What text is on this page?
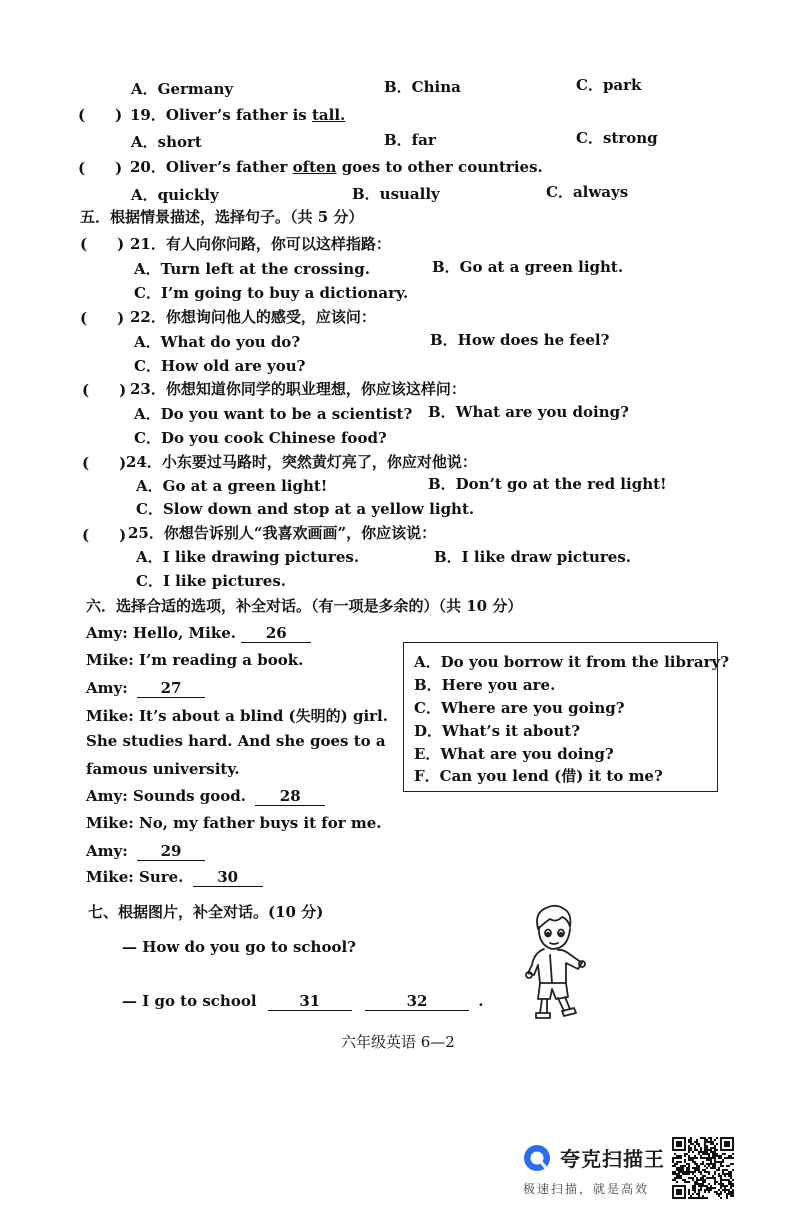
A．Germany	B．China	C．park
(　　) 19．Oliver’s father is tall.
A．short	B．far	C．strong
(　　) 20．Oliver’s father often goes to other countries.
A．quickly	B．usually	C．always
五．根据情景描述，选择句子。（共 5 分）
(　　) 21．有人向你问路，你可以这样指路：
A．Turn left at the crossing.	B．Go at a green light.
C．I’m going to buy a dictionary.
(　　) 22．你想询问他人的感受，应该问：
A．What do you do?	B．How does he feel?
C．How old are you?
(　　) 23．你想知道你同学的职业理想，你应该这样问：
A．Do you want to be a scientist? B．What are you doing?
C．Do you cook Chinese food?
(　　) 24．小东要过马路时，突然黄灯亮了，你应对他说：
A．Go at a green light!	B．Don’t go at the red light!
C．Slow down and stop at a yellow light.
(　　) 25．你想告诉别人“我喜欢画画”，你应该说：
A．I like drawing pictures.	B．I like draw pictures.
C．I like pictures.
六．选择合适的选项，补全对话。（有一项是多余的）（共 10 分）
Amy: Hello, Mike. 26
Mike: I’m reading a book.
Amy: 27
Mike: It’s about a blind (失明的) girl.
She studies hard. And she goes to a
famous university.
Amy: Sounds good. 28
Mike: No, my father buys it for me.
Amy: 29
Mike: Sure. 30
A．Do you borrow it from the library?
B．Here you are.
C．Where are you going?
D．What’s it about?
E．What are you doing?
F．Can you lend (借) it to me?
七、根据图片，补全对话。(10 分)
— How do you go to school?
— I go to school	31	32	.
六年级英语 6—2
夸克扫描王
极速扫描，就是高效
